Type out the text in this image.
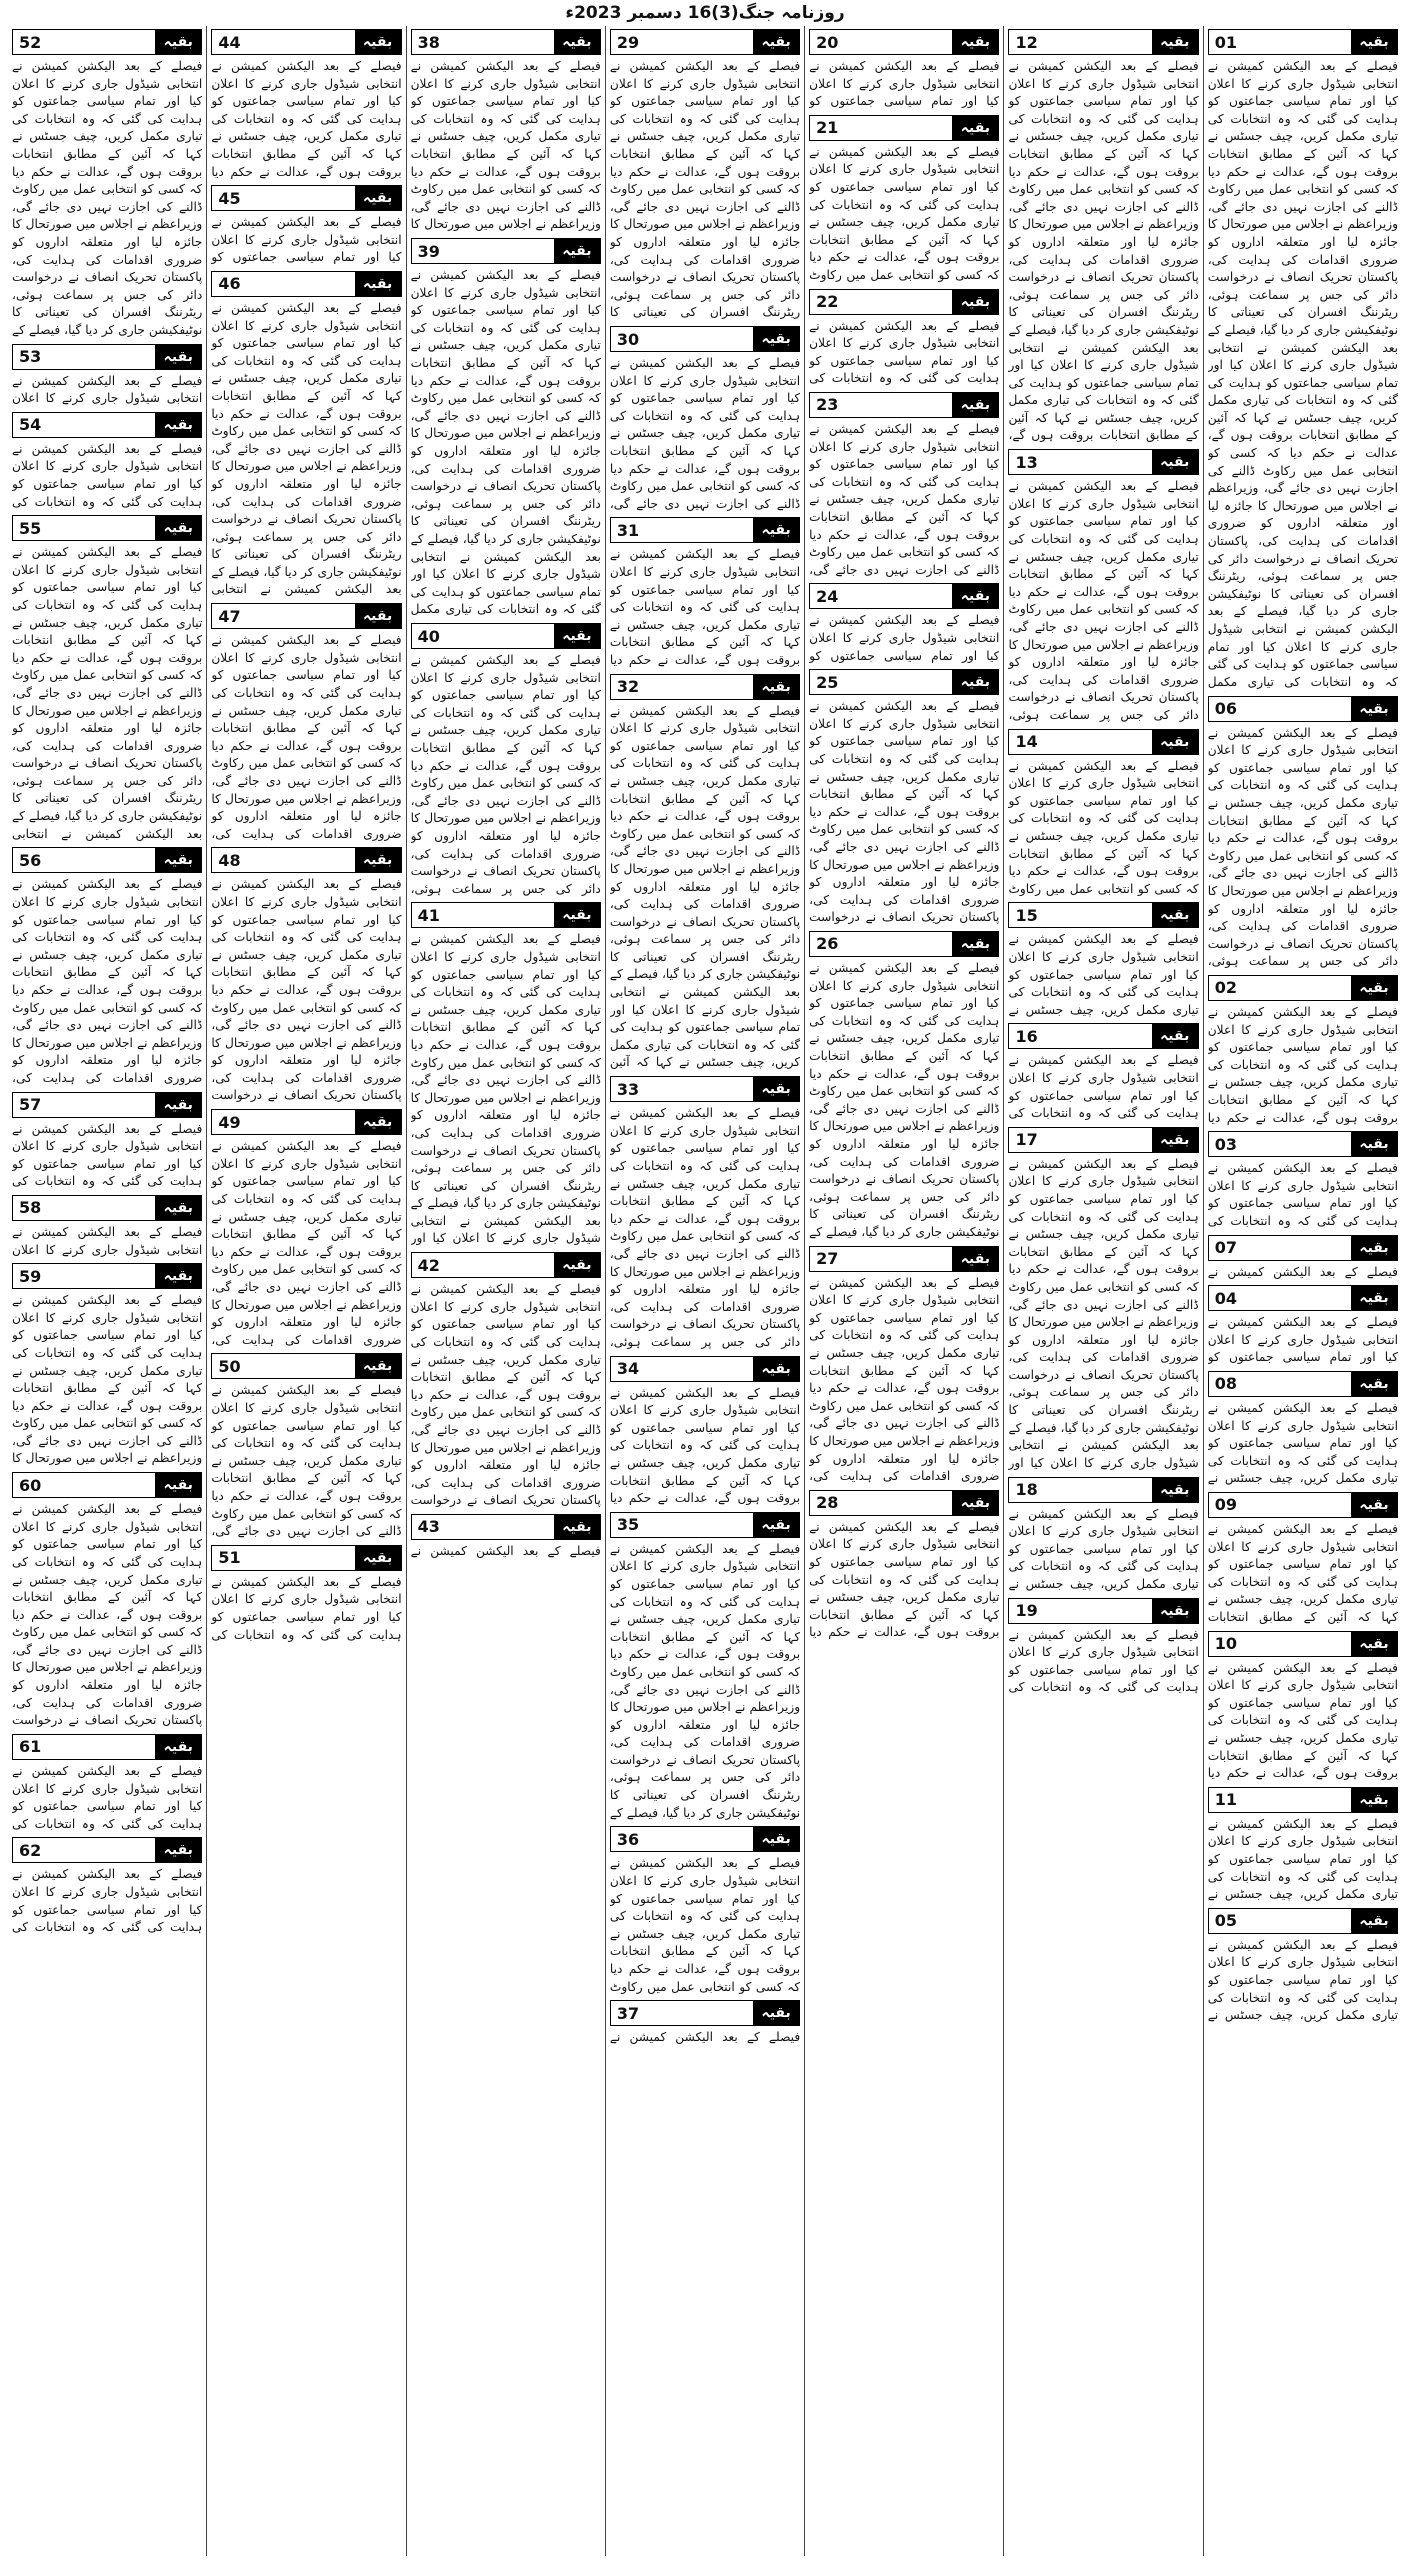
روزنامہ جنگ(3)16 دسمبر 2023ء
01	بقیہ
فیصلے کے بعد الیکشن کمیشن نے انتخابی شیڈول جاری کرنے کا اعلان کیا اور تمام سیاسی جماعتوں کو ہدایت کی گئی کہ وہ انتخابات کی تیاری مکمل کریں، چیف جسٹس نے کہا کہ آئین کے مطابق انتخابات بروقت ہوں گے، عدالت نے حکم دیا کہ کسی کو انتخابی عمل میں رکاوٹ ڈالنے کی اجازت نہیں دی جائے گی، وزیراعظم نے اجلاس میں صورتحال کا جائزہ لیا اور متعلقہ اداروں کو ضروری اقدامات کی ہدایت کی، پاکستان تحریک انصاف نے درخواست دائر کی جس پر سماعت ہوئی، ریٹرننگ افسران کی تعیناتی کا نوٹیفکیشن جاری کر دیا گیا، فیصلے کے بعد الیکشن کمیشن نے انتخابی شیڈول جاری کرنے کا اعلان کیا اور تمام سیاسی جماعتوں کو ہدایت کی گئی کہ وہ انتخابات کی تیاری مکمل کریں، چیف جسٹس نے کہا کہ آئین کے مطابق انتخابات بروقت ہوں گے، عدالت نے حکم دیا کہ کسی کو انتخابی عمل میں رکاوٹ ڈالنے کی اجازت نہیں دی جائے گی، وزیراعظم نے اجلاس میں صورتحال کا جائزہ لیا اور متعلقہ اداروں کو ضروری اقدامات کی ہدایت کی، پاکستان تحریک انصاف نے درخواست دائر کی جس پر سماعت ہوئی، ریٹرننگ افسران کی تعیناتی کا نوٹیفکیشن جاری کر دیا گیا، فیصلے کے بعد الیکشن کمیشن نے انتخابی شیڈول جاری کرنے کا اعلان کیا اور تمام سیاسی جماعتوں کو ہدایت کی گئی کہ وہ انتخابات کی تیاری مکمل
06	بقیہ
فیصلے کے بعد الیکشن کمیشن نے انتخابی شیڈول جاری کرنے کا اعلان کیا اور تمام سیاسی جماعتوں کو ہدایت کی گئی کہ وہ انتخابات کی تیاری مکمل کریں، چیف جسٹس نے کہا کہ آئین کے مطابق انتخابات بروقت ہوں گے، عدالت نے حکم دیا کہ کسی کو انتخابی عمل میں رکاوٹ ڈالنے کی اجازت نہیں دی جائے گی، وزیراعظم نے اجلاس میں صورتحال کا جائزہ لیا اور متعلقہ اداروں کو ضروری اقدامات کی ہدایت کی، پاکستان تحریک انصاف نے درخواست دائر کی جس پر سماعت ہوئی،
02	بقیہ
فیصلے کے بعد الیکشن کمیشن نے انتخابی شیڈول جاری کرنے کا اعلان کیا اور تمام سیاسی جماعتوں کو ہدایت کی گئی کہ وہ انتخابات کی تیاری مکمل کریں، چیف جسٹس نے کہا کہ آئین کے مطابق انتخابات بروقت ہوں گے، عدالت نے حکم دیا
03	بقیہ
فیصلے کے بعد الیکشن کمیشن نے انتخابی شیڈول جاری کرنے کا اعلان کیا اور تمام سیاسی جماعتوں کو ہدایت کی گئی کہ وہ انتخابات کی
07	بقیہ
فیصلے کے بعد الیکشن کمیشن نے
04	بقیہ
فیصلے کے بعد الیکشن کمیشن نے انتخابی شیڈول جاری کرنے کا اعلان کیا اور تمام سیاسی جماعتوں کو
08	بقیہ
فیصلے کے بعد الیکشن کمیشن نے انتخابی شیڈول جاری کرنے کا اعلان کیا اور تمام سیاسی جماعتوں کو ہدایت کی گئی کہ وہ انتخابات کی تیاری مکمل کریں، چیف جسٹس نے
09	بقیہ
فیصلے کے بعد الیکشن کمیشن نے انتخابی شیڈول جاری کرنے کا اعلان کیا اور تمام سیاسی جماعتوں کو ہدایت کی گئی کہ وہ انتخابات کی تیاری مکمل کریں، چیف جسٹس نے کہا کہ آئین کے مطابق انتخابات
10	بقیہ
فیصلے کے بعد الیکشن کمیشن نے انتخابی شیڈول جاری کرنے کا اعلان کیا اور تمام سیاسی جماعتوں کو ہدایت کی گئی کہ وہ انتخابات کی تیاری مکمل کریں، چیف جسٹس نے کہا کہ آئین کے مطابق انتخابات بروقت ہوں گے، عدالت نے حکم دیا
11	بقیہ
فیصلے کے بعد الیکشن کمیشن نے انتخابی شیڈول جاری کرنے کا اعلان کیا اور تمام سیاسی جماعتوں کو ہدایت کی گئی کہ وہ انتخابات کی تیاری مکمل کریں، چیف جسٹس نے
05	بقیہ
فیصلے کے بعد الیکشن کمیشن نے انتخابی شیڈول جاری کرنے کا اعلان کیا اور تمام سیاسی جماعتوں کو ہدایت کی گئی کہ وہ انتخابات کی تیاری مکمل کریں، چیف جسٹس نے
12	بقیہ
فیصلے کے بعد الیکشن کمیشن نے انتخابی شیڈول جاری کرنے کا اعلان کیا اور تمام سیاسی جماعتوں کو ہدایت کی گئی کہ وہ انتخابات کی تیاری مکمل کریں، چیف جسٹس نے کہا کہ آئین کے مطابق انتخابات بروقت ہوں گے، عدالت نے حکم دیا کہ کسی کو انتخابی عمل میں رکاوٹ ڈالنے کی اجازت نہیں دی جائے گی، وزیراعظم نے اجلاس میں صورتحال کا جائزہ لیا اور متعلقہ اداروں کو ضروری اقدامات کی ہدایت کی، پاکستان تحریک انصاف نے درخواست دائر کی جس پر سماعت ہوئی، ریٹرننگ افسران کی تعیناتی کا نوٹیفکیشن جاری کر دیا گیا، فیصلے کے بعد الیکشن کمیشن نے انتخابی شیڈول جاری کرنے کا اعلان کیا اور تمام سیاسی جماعتوں کو ہدایت کی گئی کہ وہ انتخابات کی تیاری مکمل کریں، چیف جسٹس نے کہا کہ آئین کے مطابق انتخابات بروقت ہوں گے،
13	بقیہ
فیصلے کے بعد الیکشن کمیشن نے انتخابی شیڈول جاری کرنے کا اعلان کیا اور تمام سیاسی جماعتوں کو ہدایت کی گئی کہ وہ انتخابات کی تیاری مکمل کریں، چیف جسٹس نے کہا کہ آئین کے مطابق انتخابات بروقت ہوں گے، عدالت نے حکم دیا کہ کسی کو انتخابی عمل میں رکاوٹ ڈالنے کی اجازت نہیں دی جائے گی، وزیراعظم نے اجلاس میں صورتحال کا جائزہ لیا اور متعلقہ اداروں کو ضروری اقدامات کی ہدایت کی، پاکستان تحریک انصاف نے درخواست دائر کی جس پر سماعت ہوئی،
14	بقیہ
فیصلے کے بعد الیکشن کمیشن نے انتخابی شیڈول جاری کرنے کا اعلان کیا اور تمام سیاسی جماعتوں کو ہدایت کی گئی کہ وہ انتخابات کی تیاری مکمل کریں، چیف جسٹس نے کہا کہ آئین کے مطابق انتخابات بروقت ہوں گے، عدالت نے حکم دیا کہ کسی کو انتخابی عمل میں رکاوٹ
15	بقیہ
فیصلے کے بعد الیکشن کمیشن نے انتخابی شیڈول جاری کرنے کا اعلان کیا اور تمام سیاسی جماعتوں کو ہدایت کی گئی کہ وہ انتخابات کی تیاری مکمل کریں، چیف جسٹس نے
16	بقیہ
فیصلے کے بعد الیکشن کمیشن نے انتخابی شیڈول جاری کرنے کا اعلان کیا اور تمام سیاسی جماعتوں کو ہدایت کی گئی کہ وہ انتخابات کی
17	بقیہ
فیصلے کے بعد الیکشن کمیشن نے انتخابی شیڈول جاری کرنے کا اعلان کیا اور تمام سیاسی جماعتوں کو ہدایت کی گئی کہ وہ انتخابات کی تیاری مکمل کریں، چیف جسٹس نے کہا کہ آئین کے مطابق انتخابات بروقت ہوں گے، عدالت نے حکم دیا کہ کسی کو انتخابی عمل میں رکاوٹ ڈالنے کی اجازت نہیں دی جائے گی، وزیراعظم نے اجلاس میں صورتحال کا جائزہ لیا اور متعلقہ اداروں کو ضروری اقدامات کی ہدایت کی، پاکستان تحریک انصاف نے درخواست دائر کی جس پر سماعت ہوئی، ریٹرننگ افسران کی تعیناتی کا نوٹیفکیشن جاری کر دیا گیا، فیصلے کے بعد الیکشن کمیشن نے انتخابی شیڈول جاری کرنے کا اعلان کیا اور
18	بقیہ
فیصلے کے بعد الیکشن کمیشن نے انتخابی شیڈول جاری کرنے کا اعلان کیا اور تمام سیاسی جماعتوں کو ہدایت کی گئی کہ وہ انتخابات کی تیاری مکمل کریں، چیف جسٹس نے
19	بقیہ
فیصلے کے بعد الیکشن کمیشن نے انتخابی شیڈول جاری کرنے کا اعلان کیا اور تمام سیاسی جماعتوں کو ہدایت کی گئی کہ وہ انتخابات کی
20	بقیہ
فیصلے کے بعد الیکشن کمیشن نے انتخابی شیڈول جاری کرنے کا اعلان کیا اور تمام سیاسی جماعتوں کو
21	بقیہ
فیصلے کے بعد الیکشن کمیشن نے انتخابی شیڈول جاری کرنے کا اعلان کیا اور تمام سیاسی جماعتوں کو ہدایت کی گئی کہ وہ انتخابات کی تیاری مکمل کریں، چیف جسٹس نے کہا کہ آئین کے مطابق انتخابات بروقت ہوں گے، عدالت نے حکم دیا کہ کسی کو انتخابی عمل میں رکاوٹ
22	بقیہ
فیصلے کے بعد الیکشن کمیشن نے انتخابی شیڈول جاری کرنے کا اعلان کیا اور تمام سیاسی جماعتوں کو ہدایت کی گئی کہ وہ انتخابات کی
23	بقیہ
فیصلے کے بعد الیکشن کمیشن نے انتخابی شیڈول جاری کرنے کا اعلان کیا اور تمام سیاسی جماعتوں کو ہدایت کی گئی کہ وہ انتخابات کی تیاری مکمل کریں، چیف جسٹس نے کہا کہ آئین کے مطابق انتخابات بروقت ہوں گے، عدالت نے حکم دیا کہ کسی کو انتخابی عمل میں رکاوٹ ڈالنے کی اجازت نہیں دی جائے گی،
24	بقیہ
فیصلے کے بعد الیکشن کمیشن نے انتخابی شیڈول جاری کرنے کا اعلان کیا اور تمام سیاسی جماعتوں کو
25	بقیہ
فیصلے کے بعد الیکشن کمیشن نے انتخابی شیڈول جاری کرنے کا اعلان کیا اور تمام سیاسی جماعتوں کو ہدایت کی گئی کہ وہ انتخابات کی تیاری مکمل کریں، چیف جسٹس نے کہا کہ آئین کے مطابق انتخابات بروقت ہوں گے، عدالت نے حکم دیا کہ کسی کو انتخابی عمل میں رکاوٹ ڈالنے کی اجازت نہیں دی جائے گی، وزیراعظم نے اجلاس میں صورتحال کا جائزہ لیا اور متعلقہ اداروں کو ضروری اقدامات کی ہدایت کی، پاکستان تحریک انصاف نے درخواست
26	بقیہ
فیصلے کے بعد الیکشن کمیشن نے انتخابی شیڈول جاری کرنے کا اعلان کیا اور تمام سیاسی جماعتوں کو ہدایت کی گئی کہ وہ انتخابات کی تیاری مکمل کریں، چیف جسٹس نے کہا کہ آئین کے مطابق انتخابات بروقت ہوں گے، عدالت نے حکم دیا کہ کسی کو انتخابی عمل میں رکاوٹ ڈالنے کی اجازت نہیں دی جائے گی، وزیراعظم نے اجلاس میں صورتحال کا جائزہ لیا اور متعلقہ اداروں کو ضروری اقدامات کی ہدایت کی، پاکستان تحریک انصاف نے درخواست دائر کی جس پر سماعت ہوئی، ریٹرننگ افسران کی تعیناتی کا نوٹیفکیشن جاری کر دیا گیا، فیصلے کے
27	بقیہ
فیصلے کے بعد الیکشن کمیشن نے انتخابی شیڈول جاری کرنے کا اعلان کیا اور تمام سیاسی جماعتوں کو ہدایت کی گئی کہ وہ انتخابات کی تیاری مکمل کریں، چیف جسٹس نے کہا کہ آئین کے مطابق انتخابات بروقت ہوں گے، عدالت نے حکم دیا کہ کسی کو انتخابی عمل میں رکاوٹ ڈالنے کی اجازت نہیں دی جائے گی، وزیراعظم نے اجلاس میں صورتحال کا جائزہ لیا اور متعلقہ اداروں کو ضروری اقدامات کی ہدایت کی،
28	بقیہ
فیصلے کے بعد الیکشن کمیشن نے انتخابی شیڈول جاری کرنے کا اعلان کیا اور تمام سیاسی جماعتوں کو ہدایت کی گئی کہ وہ انتخابات کی تیاری مکمل کریں، چیف جسٹس نے کہا کہ آئین کے مطابق انتخابات بروقت ہوں گے، عدالت نے حکم دیا
29	بقیہ
فیصلے کے بعد الیکشن کمیشن نے انتخابی شیڈول جاری کرنے کا اعلان کیا اور تمام سیاسی جماعتوں کو ہدایت کی گئی کہ وہ انتخابات کی تیاری مکمل کریں، چیف جسٹس نے کہا کہ آئین کے مطابق انتخابات بروقت ہوں گے، عدالت نے حکم دیا کہ کسی کو انتخابی عمل میں رکاوٹ ڈالنے کی اجازت نہیں دی جائے گی، وزیراعظم نے اجلاس میں صورتحال کا جائزہ لیا اور متعلقہ اداروں کو ضروری اقدامات کی ہدایت کی، پاکستان تحریک انصاف نے درخواست دائر کی جس پر سماعت ہوئی، ریٹرننگ افسران کی تعیناتی کا
30	بقیہ
فیصلے کے بعد الیکشن کمیشن نے انتخابی شیڈول جاری کرنے کا اعلان کیا اور تمام سیاسی جماعتوں کو ہدایت کی گئی کہ وہ انتخابات کی تیاری مکمل کریں، چیف جسٹس نے کہا کہ آئین کے مطابق انتخابات بروقت ہوں گے، عدالت نے حکم دیا کہ کسی کو انتخابی عمل میں رکاوٹ ڈالنے کی اجازت نہیں دی جائے گی،
31	بقیہ
فیصلے کے بعد الیکشن کمیشن نے انتخابی شیڈول جاری کرنے کا اعلان کیا اور تمام سیاسی جماعتوں کو ہدایت کی گئی کہ وہ انتخابات کی تیاری مکمل کریں، چیف جسٹس نے کہا کہ آئین کے مطابق انتخابات بروقت ہوں گے، عدالت نے حکم دیا
32	بقیہ
فیصلے کے بعد الیکشن کمیشن نے انتخابی شیڈول جاری کرنے کا اعلان کیا اور تمام سیاسی جماعتوں کو ہدایت کی گئی کہ وہ انتخابات کی تیاری مکمل کریں، چیف جسٹس نے کہا کہ آئین کے مطابق انتخابات بروقت ہوں گے، عدالت نے حکم دیا کہ کسی کو انتخابی عمل میں رکاوٹ ڈالنے کی اجازت نہیں دی جائے گی، وزیراعظم نے اجلاس میں صورتحال کا جائزہ لیا اور متعلقہ اداروں کو ضروری اقدامات کی ہدایت کی، پاکستان تحریک انصاف نے درخواست دائر کی جس پر سماعت ہوئی، ریٹرننگ افسران کی تعیناتی کا نوٹیفکیشن جاری کر دیا گیا، فیصلے کے بعد الیکشن کمیشن نے انتخابی شیڈول جاری کرنے کا اعلان کیا اور تمام سیاسی جماعتوں کو ہدایت کی گئی کہ وہ انتخابات کی تیاری مکمل کریں، چیف جسٹس نے کہا کہ آئین
33	بقیہ
فیصلے کے بعد الیکشن کمیشن نے انتخابی شیڈول جاری کرنے کا اعلان کیا اور تمام سیاسی جماعتوں کو ہدایت کی گئی کہ وہ انتخابات کی تیاری مکمل کریں، چیف جسٹس نے کہا کہ آئین کے مطابق انتخابات بروقت ہوں گے، عدالت نے حکم دیا کہ کسی کو انتخابی عمل میں رکاوٹ ڈالنے کی اجازت نہیں دی جائے گی، وزیراعظم نے اجلاس میں صورتحال کا جائزہ لیا اور متعلقہ اداروں کو ضروری اقدامات کی ہدایت کی، پاکستان تحریک انصاف نے درخواست دائر کی جس پر سماعت ہوئی،
34	بقیہ
فیصلے کے بعد الیکشن کمیشن نے انتخابی شیڈول جاری کرنے کا اعلان کیا اور تمام سیاسی جماعتوں کو ہدایت کی گئی کہ وہ انتخابات کی تیاری مکمل کریں، چیف جسٹس نے کہا کہ آئین کے مطابق انتخابات بروقت ہوں گے، عدالت نے حکم دیا
35	بقیہ
فیصلے کے بعد الیکشن کمیشن نے انتخابی شیڈول جاری کرنے کا اعلان کیا اور تمام سیاسی جماعتوں کو ہدایت کی گئی کہ وہ انتخابات کی تیاری مکمل کریں، چیف جسٹس نے کہا کہ آئین کے مطابق انتخابات بروقت ہوں گے، عدالت نے حکم دیا کہ کسی کو انتخابی عمل میں رکاوٹ ڈالنے کی اجازت نہیں دی جائے گی، وزیراعظم نے اجلاس میں صورتحال کا جائزہ لیا اور متعلقہ اداروں کو ضروری اقدامات کی ہدایت کی، پاکستان تحریک انصاف نے درخواست دائر کی جس پر سماعت ہوئی، ریٹرننگ افسران کی تعیناتی کا نوٹیفکیشن جاری کر دیا گیا، فیصلے کے
36	بقیہ
فیصلے کے بعد الیکشن کمیشن نے انتخابی شیڈول جاری کرنے کا اعلان کیا اور تمام سیاسی جماعتوں کو ہدایت کی گئی کہ وہ انتخابات کی تیاری مکمل کریں، چیف جسٹس نے کہا کہ آئین کے مطابق انتخابات بروقت ہوں گے، عدالت نے حکم دیا کہ کسی کو انتخابی عمل میں رکاوٹ
37	بقیہ
فیصلے کے بعد الیکشن کمیشن نے
38	بقیہ
فیصلے کے بعد الیکشن کمیشن نے انتخابی شیڈول جاری کرنے کا اعلان کیا اور تمام سیاسی جماعتوں کو ہدایت کی گئی کہ وہ انتخابات کی تیاری مکمل کریں، چیف جسٹس نے کہا کہ آئین کے مطابق انتخابات بروقت ہوں گے، عدالت نے حکم دیا کہ کسی کو انتخابی عمل میں رکاوٹ ڈالنے کی اجازت نہیں دی جائے گی، وزیراعظم نے اجلاس میں صورتحال کا
39	بقیہ
فیصلے کے بعد الیکشن کمیشن نے انتخابی شیڈول جاری کرنے کا اعلان کیا اور تمام سیاسی جماعتوں کو ہدایت کی گئی کہ وہ انتخابات کی تیاری مکمل کریں، چیف جسٹس نے کہا کہ آئین کے مطابق انتخابات بروقت ہوں گے، عدالت نے حکم دیا کہ کسی کو انتخابی عمل میں رکاوٹ ڈالنے کی اجازت نہیں دی جائے گی، وزیراعظم نے اجلاس میں صورتحال کا جائزہ لیا اور متعلقہ اداروں کو ضروری اقدامات کی ہدایت کی، پاکستان تحریک انصاف نے درخواست دائر کی جس پر سماعت ہوئی، ریٹرننگ افسران کی تعیناتی کا نوٹیفکیشن جاری کر دیا گیا، فیصلے کے بعد الیکشن کمیشن نے انتخابی شیڈول جاری کرنے کا اعلان کیا اور تمام سیاسی جماعتوں کو ہدایت کی گئی کہ وہ انتخابات کی تیاری مکمل
40	بقیہ
فیصلے کے بعد الیکشن کمیشن نے انتخابی شیڈول جاری کرنے کا اعلان کیا اور تمام سیاسی جماعتوں کو ہدایت کی گئی کہ وہ انتخابات کی تیاری مکمل کریں، چیف جسٹس نے کہا کہ آئین کے مطابق انتخابات بروقت ہوں گے، عدالت نے حکم دیا کہ کسی کو انتخابی عمل میں رکاوٹ ڈالنے کی اجازت نہیں دی جائے گی، وزیراعظم نے اجلاس میں صورتحال کا جائزہ لیا اور متعلقہ اداروں کو ضروری اقدامات کی ہدایت کی، پاکستان تحریک انصاف نے درخواست دائر کی جس پر سماعت ہوئی،
41	بقیہ
فیصلے کے بعد الیکشن کمیشن نے انتخابی شیڈول جاری کرنے کا اعلان کیا اور تمام سیاسی جماعتوں کو ہدایت کی گئی کہ وہ انتخابات کی تیاری مکمل کریں، چیف جسٹس نے کہا کہ آئین کے مطابق انتخابات بروقت ہوں گے، عدالت نے حکم دیا کہ کسی کو انتخابی عمل میں رکاوٹ ڈالنے کی اجازت نہیں دی جائے گی، وزیراعظم نے اجلاس میں صورتحال کا جائزہ لیا اور متعلقہ اداروں کو ضروری اقدامات کی ہدایت کی، پاکستان تحریک انصاف نے درخواست دائر کی جس پر سماعت ہوئی، ریٹرننگ افسران کی تعیناتی کا نوٹیفکیشن جاری کر دیا گیا، فیصلے کے بعد الیکشن کمیشن نے انتخابی شیڈول جاری کرنے کا اعلان کیا اور
42	بقیہ
فیصلے کے بعد الیکشن کمیشن نے انتخابی شیڈول جاری کرنے کا اعلان کیا اور تمام سیاسی جماعتوں کو ہدایت کی گئی کہ وہ انتخابات کی تیاری مکمل کریں، چیف جسٹس نے کہا کہ آئین کے مطابق انتخابات بروقت ہوں گے، عدالت نے حکم دیا کہ کسی کو انتخابی عمل میں رکاوٹ ڈالنے کی اجازت نہیں دی جائے گی، وزیراعظم نے اجلاس میں صورتحال کا جائزہ لیا اور متعلقہ اداروں کو ضروری اقدامات کی ہدایت کی، پاکستان تحریک انصاف نے درخواست
43	بقیہ
فیصلے کے بعد الیکشن کمیشن نے
44	بقیہ
فیصلے کے بعد الیکشن کمیشن نے انتخابی شیڈول جاری کرنے کا اعلان کیا اور تمام سیاسی جماعتوں کو ہدایت کی گئی کہ وہ انتخابات کی تیاری مکمل کریں، چیف جسٹس نے کہا کہ آئین کے مطابق انتخابات بروقت ہوں گے، عدالت نے حکم دیا
45	بقیہ
فیصلے کے بعد الیکشن کمیشن نے انتخابی شیڈول جاری کرنے کا اعلان کیا اور تمام سیاسی جماعتوں کو
46	بقیہ
فیصلے کے بعد الیکشن کمیشن نے انتخابی شیڈول جاری کرنے کا اعلان کیا اور تمام سیاسی جماعتوں کو ہدایت کی گئی کہ وہ انتخابات کی تیاری مکمل کریں، چیف جسٹس نے کہا کہ آئین کے مطابق انتخابات بروقت ہوں گے، عدالت نے حکم دیا کہ کسی کو انتخابی عمل میں رکاوٹ ڈالنے کی اجازت نہیں دی جائے گی، وزیراعظم نے اجلاس میں صورتحال کا جائزہ لیا اور متعلقہ اداروں کو ضروری اقدامات کی ہدایت کی، پاکستان تحریک انصاف نے درخواست دائر کی جس پر سماعت ہوئی، ریٹرننگ افسران کی تعیناتی کا نوٹیفکیشن جاری کر دیا گیا، فیصلے کے بعد الیکشن کمیشن نے انتخابی
47	بقیہ
فیصلے کے بعد الیکشن کمیشن نے انتخابی شیڈول جاری کرنے کا اعلان کیا اور تمام سیاسی جماعتوں کو ہدایت کی گئی کہ وہ انتخابات کی تیاری مکمل کریں، چیف جسٹس نے کہا کہ آئین کے مطابق انتخابات بروقت ہوں گے، عدالت نے حکم دیا کہ کسی کو انتخابی عمل میں رکاوٹ ڈالنے کی اجازت نہیں دی جائے گی، وزیراعظم نے اجلاس میں صورتحال کا جائزہ لیا اور متعلقہ اداروں کو ضروری اقدامات کی ہدایت کی،
48	بقیہ
فیصلے کے بعد الیکشن کمیشن نے انتخابی شیڈول جاری کرنے کا اعلان کیا اور تمام سیاسی جماعتوں کو ہدایت کی گئی کہ وہ انتخابات کی تیاری مکمل کریں، چیف جسٹس نے کہا کہ آئین کے مطابق انتخابات بروقت ہوں گے، عدالت نے حکم دیا کہ کسی کو انتخابی عمل میں رکاوٹ ڈالنے کی اجازت نہیں دی جائے گی، وزیراعظم نے اجلاس میں صورتحال کا جائزہ لیا اور متعلقہ اداروں کو ضروری اقدامات کی ہدایت کی، پاکستان تحریک انصاف نے درخواست
49	بقیہ
فیصلے کے بعد الیکشن کمیشن نے انتخابی شیڈول جاری کرنے کا اعلان کیا اور تمام سیاسی جماعتوں کو ہدایت کی گئی کہ وہ انتخابات کی تیاری مکمل کریں، چیف جسٹس نے کہا کہ آئین کے مطابق انتخابات بروقت ہوں گے، عدالت نے حکم دیا کہ کسی کو انتخابی عمل میں رکاوٹ ڈالنے کی اجازت نہیں دی جائے گی، وزیراعظم نے اجلاس میں صورتحال کا جائزہ لیا اور متعلقہ اداروں کو ضروری اقدامات کی ہدایت کی،
50	بقیہ
فیصلے کے بعد الیکشن کمیشن نے انتخابی شیڈول جاری کرنے کا اعلان کیا اور تمام سیاسی جماعتوں کو ہدایت کی گئی کہ وہ انتخابات کی تیاری مکمل کریں، چیف جسٹس نے کہا کہ آئین کے مطابق انتخابات بروقت ہوں گے، عدالت نے حکم دیا کہ کسی کو انتخابی عمل میں رکاوٹ ڈالنے کی اجازت نہیں دی جائے گی،
51	بقیہ
فیصلے کے بعد الیکشن کمیشن نے انتخابی شیڈول جاری کرنے کا اعلان کیا اور تمام سیاسی جماعتوں کو ہدایت کی گئی کہ وہ انتخابات کی
52	بقیہ
فیصلے کے بعد الیکشن کمیشن نے انتخابی شیڈول جاری کرنے کا اعلان کیا اور تمام سیاسی جماعتوں کو ہدایت کی گئی کہ وہ انتخابات کی تیاری مکمل کریں، چیف جسٹس نے کہا کہ آئین کے مطابق انتخابات بروقت ہوں گے، عدالت نے حکم دیا کہ کسی کو انتخابی عمل میں رکاوٹ ڈالنے کی اجازت نہیں دی جائے گی، وزیراعظم نے اجلاس میں صورتحال کا جائزہ لیا اور متعلقہ اداروں کو ضروری اقدامات کی ہدایت کی، پاکستان تحریک انصاف نے درخواست دائر کی جس پر سماعت ہوئی، ریٹرننگ افسران کی تعیناتی کا نوٹیفکیشن جاری کر دیا گیا، فیصلے کے
53	بقیہ
فیصلے کے بعد الیکشن کمیشن نے انتخابی شیڈول جاری کرنے کا اعلان
54	بقیہ
فیصلے کے بعد الیکشن کمیشن نے انتخابی شیڈول جاری کرنے کا اعلان کیا اور تمام سیاسی جماعتوں کو ہدایت کی گئی کہ وہ انتخابات کی
55	بقیہ
فیصلے کے بعد الیکشن کمیشن نے انتخابی شیڈول جاری کرنے کا اعلان کیا اور تمام سیاسی جماعتوں کو ہدایت کی گئی کہ وہ انتخابات کی تیاری مکمل کریں، چیف جسٹس نے کہا کہ آئین کے مطابق انتخابات بروقت ہوں گے، عدالت نے حکم دیا کہ کسی کو انتخابی عمل میں رکاوٹ ڈالنے کی اجازت نہیں دی جائے گی، وزیراعظم نے اجلاس میں صورتحال کا جائزہ لیا اور متعلقہ اداروں کو ضروری اقدامات کی ہدایت کی، پاکستان تحریک انصاف نے درخواست دائر کی جس پر سماعت ہوئی، ریٹرننگ افسران کی تعیناتی کا نوٹیفکیشن جاری کر دیا گیا، فیصلے کے بعد الیکشن کمیشن نے انتخابی
56	بقیہ
فیصلے کے بعد الیکشن کمیشن نے انتخابی شیڈول جاری کرنے کا اعلان کیا اور تمام سیاسی جماعتوں کو ہدایت کی گئی کہ وہ انتخابات کی تیاری مکمل کریں، چیف جسٹس نے کہا کہ آئین کے مطابق انتخابات بروقت ہوں گے، عدالت نے حکم دیا کہ کسی کو انتخابی عمل میں رکاوٹ ڈالنے کی اجازت نہیں دی جائے گی، وزیراعظم نے اجلاس میں صورتحال کا جائزہ لیا اور متعلقہ اداروں کو ضروری اقدامات کی ہدایت کی،
57	بقیہ
فیصلے کے بعد الیکشن کمیشن نے انتخابی شیڈول جاری کرنے کا اعلان کیا اور تمام سیاسی جماعتوں کو ہدایت کی گئی کہ وہ انتخابات کی
58	بقیہ
فیصلے کے بعد الیکشن کمیشن نے انتخابی شیڈول جاری کرنے کا اعلان
59	بقیہ
فیصلے کے بعد الیکشن کمیشن نے انتخابی شیڈول جاری کرنے کا اعلان کیا اور تمام سیاسی جماعتوں کو ہدایت کی گئی کہ وہ انتخابات کی تیاری مکمل کریں، چیف جسٹس نے کہا کہ آئین کے مطابق انتخابات بروقت ہوں گے، عدالت نے حکم دیا کہ کسی کو انتخابی عمل میں رکاوٹ ڈالنے کی اجازت نہیں دی جائے گی، وزیراعظم نے اجلاس میں صورتحال کا
60	بقیہ
فیصلے کے بعد الیکشن کمیشن نے انتخابی شیڈول جاری کرنے کا اعلان کیا اور تمام سیاسی جماعتوں کو ہدایت کی گئی کہ وہ انتخابات کی تیاری مکمل کریں، چیف جسٹس نے کہا کہ آئین کے مطابق انتخابات بروقت ہوں گے، عدالت نے حکم دیا کہ کسی کو انتخابی عمل میں رکاوٹ ڈالنے کی اجازت نہیں دی جائے گی، وزیراعظم نے اجلاس میں صورتحال کا جائزہ لیا اور متعلقہ اداروں کو ضروری اقدامات کی ہدایت کی، پاکستان تحریک انصاف نے درخواست
61	بقیہ
فیصلے کے بعد الیکشن کمیشن نے انتخابی شیڈول جاری کرنے کا اعلان کیا اور تمام سیاسی جماعتوں کو ہدایت کی گئی کہ وہ انتخابات کی
62	بقیہ
فیصلے کے بعد الیکشن کمیشن نے انتخابی شیڈول جاری کرنے کا اعلان کیا اور تمام سیاسی جماعتوں کو ہدایت کی گئی کہ وہ انتخابات کی
